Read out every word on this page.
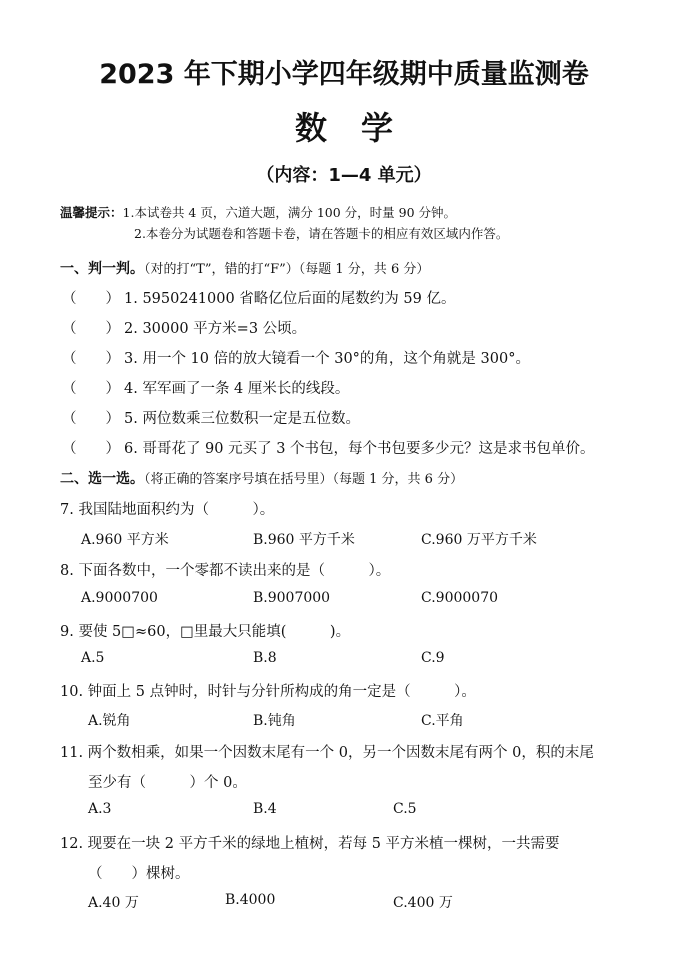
2023 年下期小学四年级期中质量监测卷
数学
（内容：1—4 单元）
温馨提示：1.本试卷共 4 页，六道大题，满分 100 分，时量 90 分钟。
2.本卷分为试题卷和答题卡卷，请在答题卡的相应有效区域内作答。
一、判一判。（对的打“T”，错的打“F”）（每题 1 分，共 6 分）
（　　） 1. 5950241000 省略亿位后面的尾数约为 59 亿。
（　　） 2. 30000 平方米=3 公顷。
（　　） 3. 用一个 10 倍的放大镜看一个 30°的角，这个角就是 300°。
（　　） 4. 军军画了一条 4 厘米长的线段。
（　　） 5. 两位数乘三位数积一定是五位数。
（　　） 6. 哥哥花了 90 元买了 3 个书包，每个书包要多少元？这是求书包单价。
二、选一选。（将正确的答案序号填在括号里）（每题 1 分，共 6 分）
7. 我国陆地面积约为（　　　）。
A.960 平方米	B.960 平方千米	C.960 万平方千米
8. 下面各数中，一个零都不读出来的是（　　　）。
A.9000700	B.9007000	C.9000070
9. 要使 5□≈60，□里最大只能填(　　　)。
A.5	B.8	C.9
10. 钟面上 5 点钟时，时针与分针所构成的角一定是（　　　）。
A.锐角	B.钝角	C.平角
11. 两个数相乘，如果一个因数末尾有一个 0，另一个因数末尾有两个 0，积的末尾
至少有（　　　）个 0。
A.3	B.4	C.5
12. 现要在一块 2 平方千米的绿地上植树，若每 5 平方米植一棵树，一共需要
（　　）棵树。
A.40 万	B.4000	C.400 万
